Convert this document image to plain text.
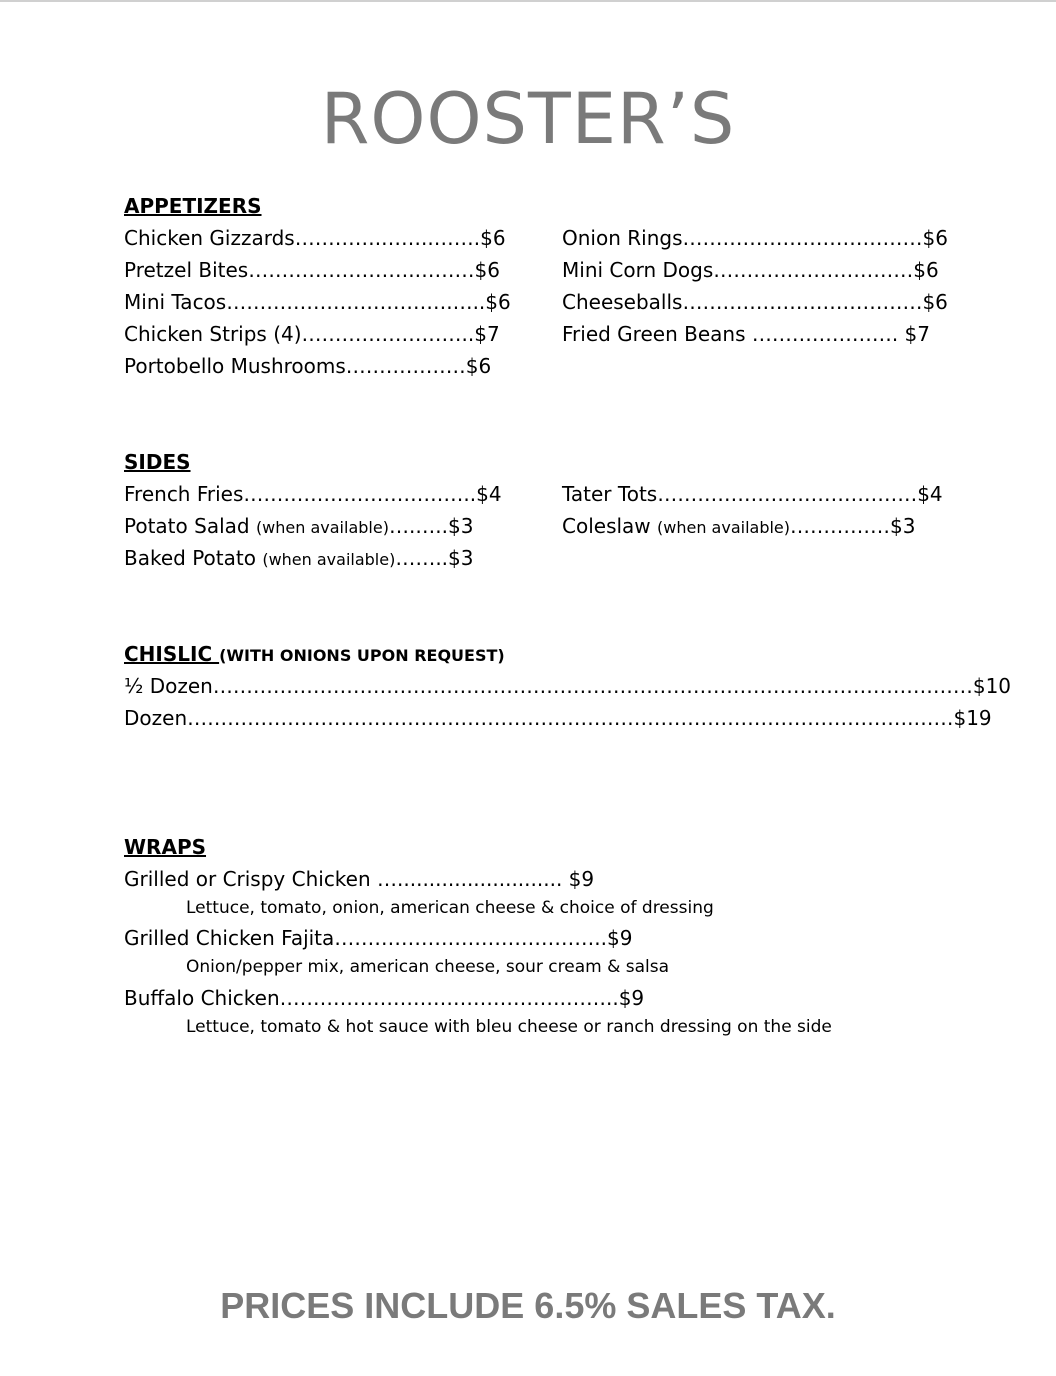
ROOSTER’S
APPETIZERS
Chicken Gizzards………….……..…….$6
Pretzel Bites…………………….………$6
Mini Tacos…………………………….…..$6
Chicken Strips (4)……………………..$7
Portobello Mushrooms………………$6
Onion Rings………………………………$6
Mini Corn Dogs…………………………$6
Cheeseballs………………………………$6
Fried Green Beans …………………. $7
SIDES
French Fries……………………………..$4
Potato Salad (when available)….…..$3
Baked Potato (when available)……..$3
Tater Tots…………………………………$4
Coleslaw (when available)……………$3
CHISLIC (WITH ONIONS UPON REQUEST)
½ Dozen……………………………………………………………………………………………………$10
Dozen……………………………………………………………………………………………….……$19
WRAPS
Grilled or Crispy Chicken ….......................... $9
Lettuce, tomato, onion, american cheese & choice of dressing
Grilled Chicken Fajita…………………………………..$9
Onion/pepper mix, american cheese, sour cream & salsa
Buffalo Chicken…………………………………….……..$9
Lettuce, tomato & hot sauce with bleu cheese or ranch dressing on the side
PRICES INCLUDE 6.5% SALES TAX.
